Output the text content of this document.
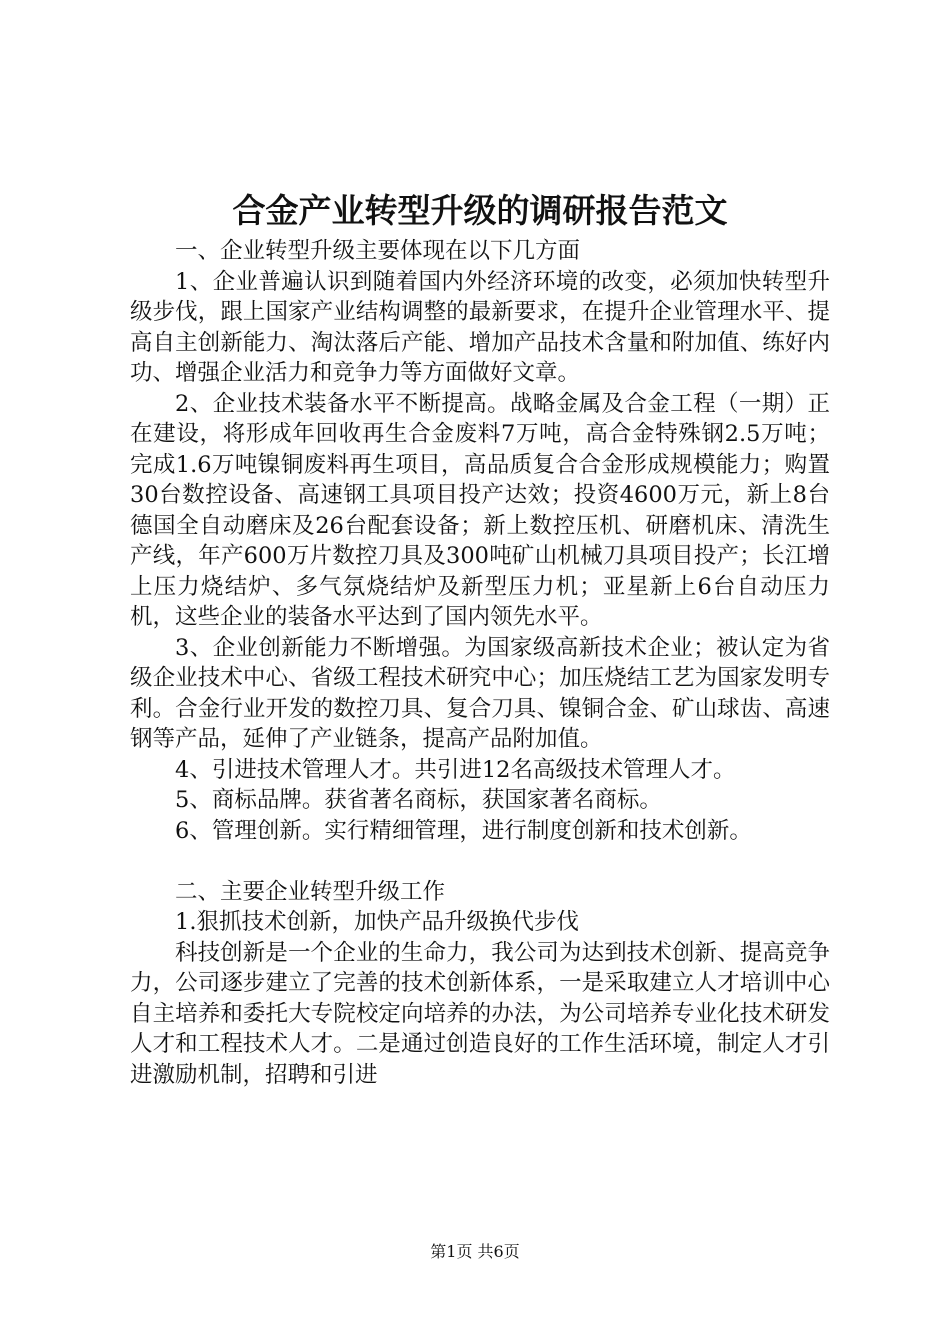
合金产业转型升级的调研报告范文

一、企业转型升级主要体现在以下几方面

1、企业普遍认识到随着国内外经济环境的改变，必须加快转型升级步伐，跟上国家产业结构调整的最新要求，在提升企业管理水平、提高自主创新能力、淘汰落后产能、增加产品技术含量和附加值、练好内功、增强企业活力和竞争力等方面做好文章。

2、企业技术装备水平不断提高。战略金属及合金工程（一期）正在建设，将形成年回收再生合金废料7万吨，高合金特殊钢2.5万吨；完成1.6万吨镍铜废料再生项目，高品质复合合金形成规模能力；购置30台数控设备、高速钢工具项目投产达效；投资4600万元，新上8台德国全自动磨床及26台配套设备；新上数控压机、研磨机床、清洗生产线，年产600万片数控刀具及300吨矿山机械刀具项目投产；长江增上压力烧结炉、多气氛烧结炉及新型压力机；亚星新上6台自动压力机，这些企业的装备水平达到了国内领先水平。

3、企业创新能力不断增强。为国家级高新技术企业；被认定为省级企业技术中心、省级工程技术研究中心；加压烧结工艺为国家发明专利。合金行业开发的数控刀具、复合刀具、镍铜合金、矿山球齿、高速钢等产品，延伸了产业链条，提高产品附加值。

4、引进技术管理人才。共引进12名高级技术管理人才。

5、商标品牌。获省著名商标，获国家著名商标。

6、管理创新。实行精细管理，进行制度创新和技术创新。

二、主要企业转型升级工作

1.狠抓技术创新，加快产品升级换代步伐

科技创新是一个企业的生命力，我公司为达到技术创新、提高竞争力，公司逐步建立了完善的技术创新体系，一是采取建立人才培训中心自主培养和委托大专院校定向培养的办法，为公司培养专业化技术研发人才和工程技术人才。二是通过创造良好的工作生活环境，制定人才引进激励机制，招聘和引进

第1页 共6页
